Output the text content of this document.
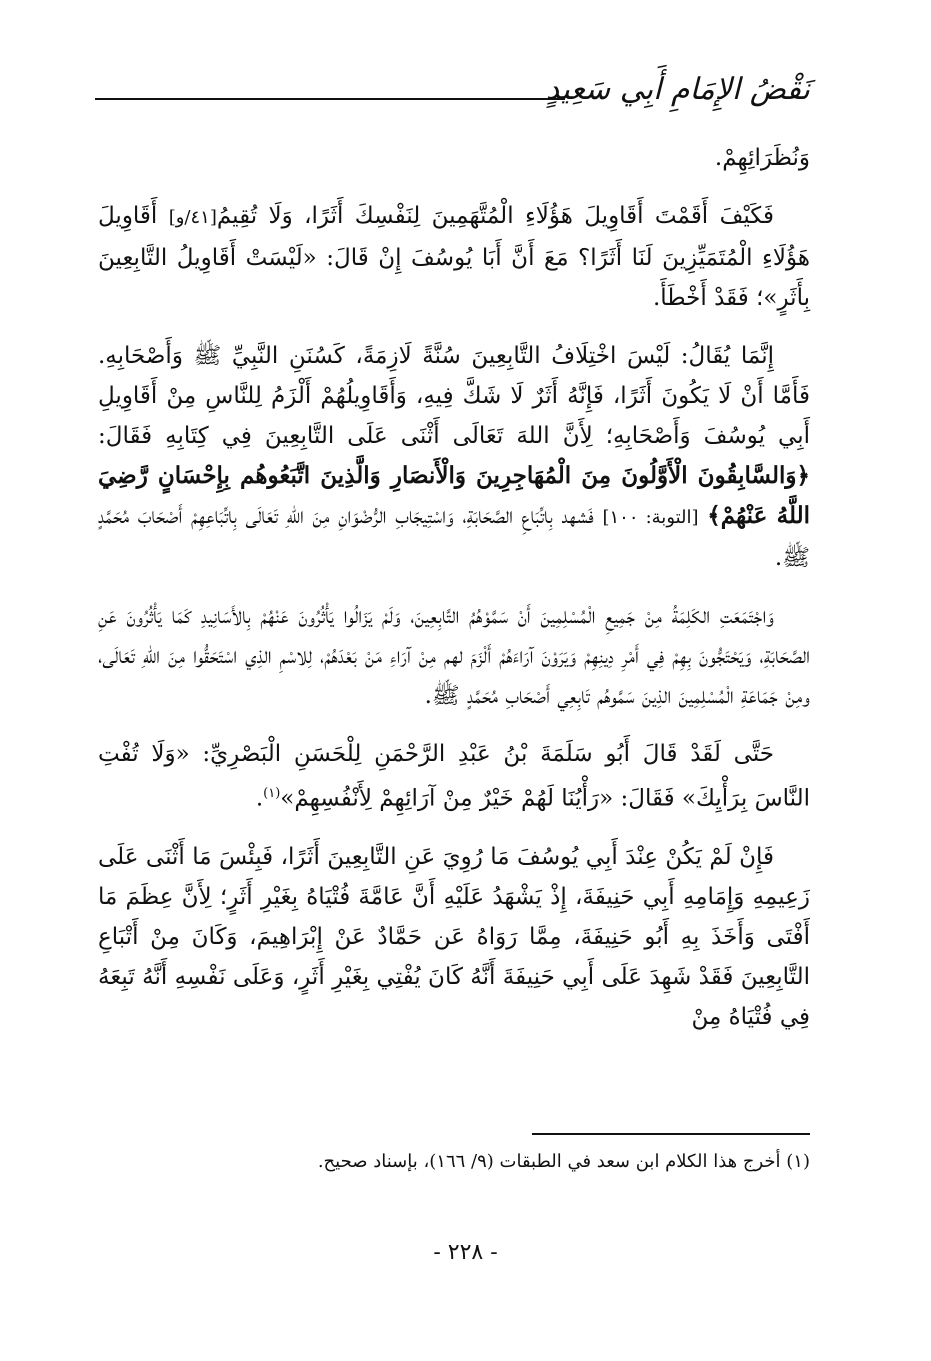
نَقْضُ الإِمَامِ أَبِي سَعِيدٍ

وَنُظَرَائِهِمْ.

فَكَيْفَ أَقَمْتَ أَقَاوِيلَ هَؤُلَاءِ الْمُتَّهَمِينَ لِنَفْسِكَ أَثَرًا، وَلَا تُقِيمُ[٤١/و] أَقَاوِيلَ هَؤُلَاءِ الْمُتَمَيِّزِينَ لَنَا أَثَرًا؟ مَعَ أَنَّ أَبَا يُوسُفَ إِنْ قَالَ: «لَيْسَتْ أَقَاوِيلُ التَّابِعِينَ بِأَثَرٍ»؛ فَقَدْ أَخْطَأَ.

إِنَّمَا يُقَالُ: لَيْسَ اخْتِلَافُ التَّابِعِينَ سُنَّةً لَازِمَةً، كَسُنَنِ النَّبِيِّ ﷺ وَأَصْحَابِهِ. فَأَمَّا أَنْ لَا يَكُونَ أَثَرًا، فَإِنَّهُ أَثَرٌ لَا شَكَّ فِيهِ، وَأَقَاوِيلُهُمْ أَلْزَمُ لِلنَّاسِ مِنْ أَقَاوِيلِ أَبِي يُوسُفَ وَأَصْحَابِهِ؛ لِأَنَّ اللهَ تَعَالَى أَثْنَى عَلَى التَّابِعِينَ فِي كِتَابِهِ فَقَالَ: ﴿وَالسَّابِقُونَ الْأَوَّلُونَ مِنَ الْمُهَاجِرِينَ وَالْأَنصَارِ وَالَّذِينَ اتَّبَعُوهُم بِإِحْسَانٍ رَّضِيَ اللَّهُ عَنْهُمْ﴾ [التوبة: ١٠٠] فَشهد بِاتِّبَاعِ الصَّحَابَةِ، وَاسْتِيجَابِ الرُّضْوَانِ مِنَ اللهِ تَعَالَى بِاتِّبَاعِهِمْ أَصْحَابَ مُحَمَّدٍ ﷺ.

وَاجْتَمَعَتِ الكَلِمَةُ مِنْ جَمِيعِ الْمُسْلِمِينَ أَنْ سَمَّوْهُمُ التَّابِعِينَ، وَلَمْ يَزَالُوا يَأْثُرُونَ عَنْهُمْ بِالأَسَانِيدِ كَمَا يَأْثُرُونَ عَنِ الصَّحَابَةِ، وَيَحْتَجُّونَ بِهِمْ فِي أَمْرِ دِينِهِمْ وَيَرَوْنَ آرَاءَهُمْ أَلْزَمَ لهم مِنْ آرَاءِ مَنْ بَعْدَهُمْ، لِلاسْمِ الذِي اسْتَحَقُّوا مِنَ اللهِ تَعَالَى، ومِنْ جَمَاعَةِ الْمُسْلِمِينَ الذِينَ سَمَّوهُم تَابِعِي أَصْحَابِ مُحَمَّدٍ ﷺ.

حَتَّى لَقَدْ قَالَ أَبُو سَلَمَةَ بْنُ عَبْدِ الرَّحْمَنِ لِلْحَسَنِ الْبَصْرِيِّ: «وَلَا تُفْتِ النَّاسَ بِرَأْيِكَ» فَقَالَ: «رَأْيُنَا لَهُمْ خَيْرٌ مِنْ آرَائِهِمْ لِأَنْفُسِهِمْ»$^{(١)}$.

فَإِنْ لَمْ يَكُنْ عِنْدَ أَبِي يُوسُفَ مَا رُوِيَ عَنِ التَّابِعِينَ أَثَرًا، فَبِئْسَ مَا أَثْنَى عَلَى زَعِيمِهِ وَإِمَامِهِ أَبِي حَنِيفَةَ، إِذْ يَشْهَدُ عَلَيْهِ أَنَّ عَامَّةَ فُتْيَاهُ بِغَيْرِ أَثَرٍ؛ لِأَنَّ عِظَمَ مَا أَفْتَى وَأَخَذَ بِهِ أَبُو حَنِيفَةَ، مِمَّا رَوَاهُ عَن حَمَّادٌ عَنْ إِبْرَاهِيمَ، وَكَانَ مِنْ أَتْبَاعِ التَّابِعِينَ فَقَدْ شَهِدَ عَلَى أَبِي حَنِيفَةَ أَنَّهُ كَانَ يُفْتِي بِغَيْرِ أَثَرٍ، وَعَلَى نَفْسِهِ أَنَّهُ تَبِعَهُ فِي فُتْيَاهُ مِنْ

(١) أخرج هذا الكلام ابن سعد في الطبقات (٩/ ١٦٦)، بإسناد صحيح.
- ٢٢٨ -
